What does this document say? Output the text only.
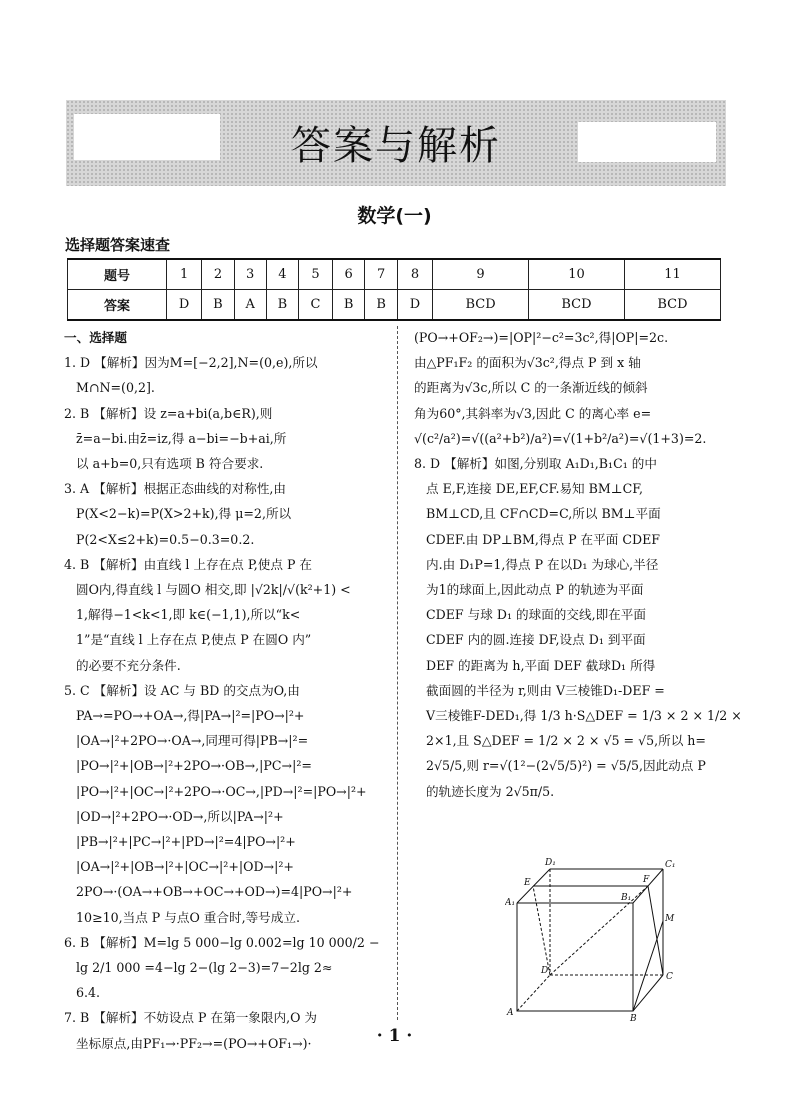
答案与解析
数学(一)
选择题答案速查
题号	1	2	3	4	5	6	7	8	9	10	11
答案	D	B	A	B	C	B	B	D	BCD	BCD	BCD

一、选择题

1. D 【解析】因为M=[−2,2],N=(0,e),所以

M∩N=(0,2].

2. B 【解析】设 z=a+bi(a,b∈R),则

z̄=a−bi.由z̄=iz,得 a−bi=−b+ai,所

以 a+b=0,只有选项 B 符合要求.

3. A 【解析】根据正态曲线的对称性,由

P(X<2−k)=P(X>2+k),得 μ=2,所以

P(2<X≤2+k)=0.5−0.3=0.2.

4. B 【解析】由直线 l 上存在点 P,使点 P 在

圆O内,得直线 l 与圆O 相交,即 |√2k|/√(k²+1) <

1,解得−1<k<1,即 k∈(−1,1),所以“k<

1”是“直线 l 上存在点 P,使点 P 在圆O 内”

的必要不充分条件.

5. C 【解析】设 AC 与 BD 的交点为O,由

PA→=PO→+OA→,得|PA→|²=|PO→|²+

|OA→|²+2PO→·OA→,同理可得|PB→|²=

|PO→|²+|OB→|²+2PO→·OB→,|PC→|²=

|PO→|²+|OC→|²+2PO→·OC→,|PD→|²=|PO→|²+

|OD→|²+2PO→·OD→,所以|PA→|²+

|PB→|²+|PC→|²+|PD→|²=4|PO→|²+

|OA→|²+|OB→|²+|OC→|²+|OD→|²+

2PO→·(OA→+OB→+OC→+OD→)=4|PO→|²+

10≥10,当点 P 与点O 重合时,等号成立.

6. B 【解析】M=lg 5 000−lg 0.002=lg 10 000/2 −

lg 2/1 000 =4−lg 2−(lg 2−3)=7−2lg 2≈

6.4.

7. B 【解析】不妨设点 P 在第一象限内,O 为

坐标原点,由PF₁→·PF₂→=(PO→+OF₁→)·

(PO→+OF₂→)=|OP|²−c²=3c²,得|OP|=2c.

由△PF₁F₂ 的面积为√3c²,得点 P 到 x 轴

的距离为√3c,所以 C 的一条渐近线的倾斜

角为60°,其斜率为√3,因此 C 的离心率 e=

√(c²/a²)=√((a²+b²)/a²)=√(1+b²/a²)=√(1+3)=2.

8. D 【解析】如图,分别取 A₁D₁,B₁C₁ 的中

点 E,F,连接 DE,EF,CF.易知 BM⊥CF,

BM⊥CD,且 CF∩CD=C,所以 BM⊥平面

CDEF.由 DP⊥BM,得点 P 在平面 CDEF

内.由 D₁P=1,得点 P 在以D₁ 为球心,半径

为1的球面上,因此动点 P 的轨迹为平面

CDEF 与球 D₁ 的球面的交线,即在平面

CDEF 内的圆.连接 DF,设点 D₁ 到平面

DEF 的距离为 h,平面 DEF 截球D₁ 所得

截面圆的半径为 r,则由 V三棱锥D₁-DEF =

V三棱锥F-DED₁,得 1/3 h·S△DEF = 1/3 × 2 × 1/2 ×

2×1,且 S△DEF = 1/2 × 2 × √5 = √5,所以 h=

2√5/5,则 r=√(1²−(2√5/5)²) = √5/5,因此动点 P

的轨迹长度为 2√5π/5.

D₁	C₁
E	F
A₁	B₁
M
D
C
A
B
· 1 ·
